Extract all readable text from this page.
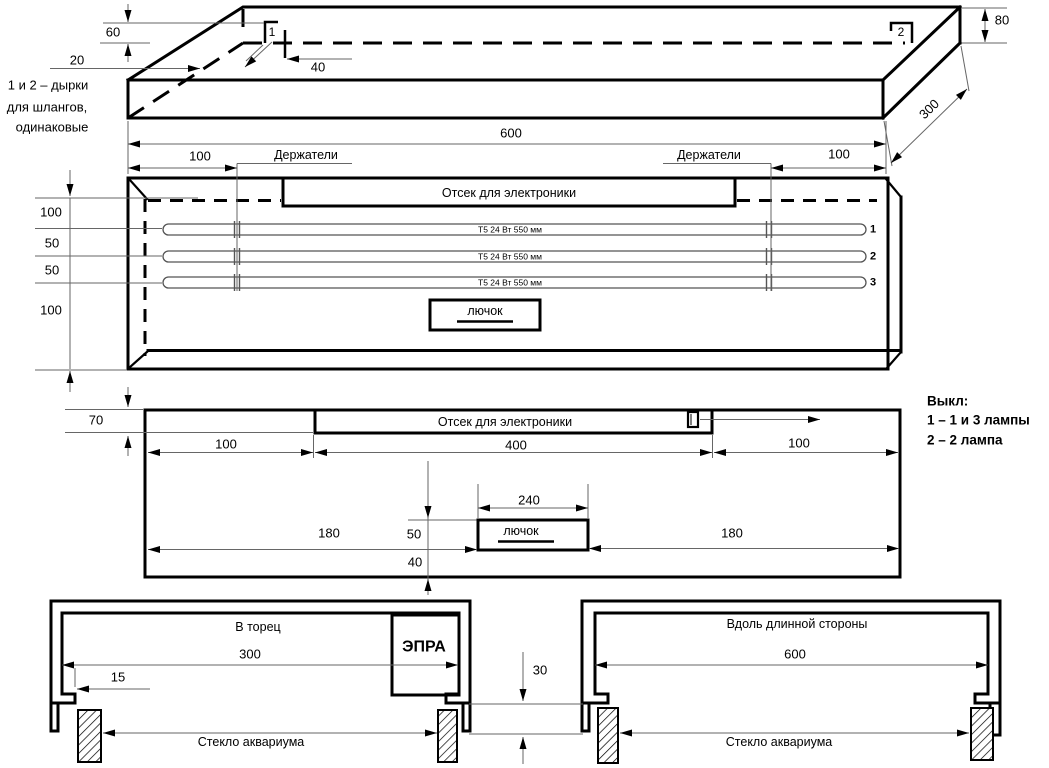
1	2
60
20	40
80
300
1 и 2 – дырки
для шлангов,
одинаковые	600
Отсек для электроники
Т5 24 Вт 550 мм
Т5 24 Вт 550 мм
Т5 24 Вт 550 мм
1
2
3
Держатели	Держатели
100	100
лючок
100
50
50
100
Отсек для электроники
Выкл:
1 – 1 и 3 лампы
2 – 2 лампа
70
100	400	100
50
40
лючок
240
180	180
ЭПРА
В торец
300
15
Стекло аквариума
Вдоль длинной стороны
600
Стекло аквариума
30
